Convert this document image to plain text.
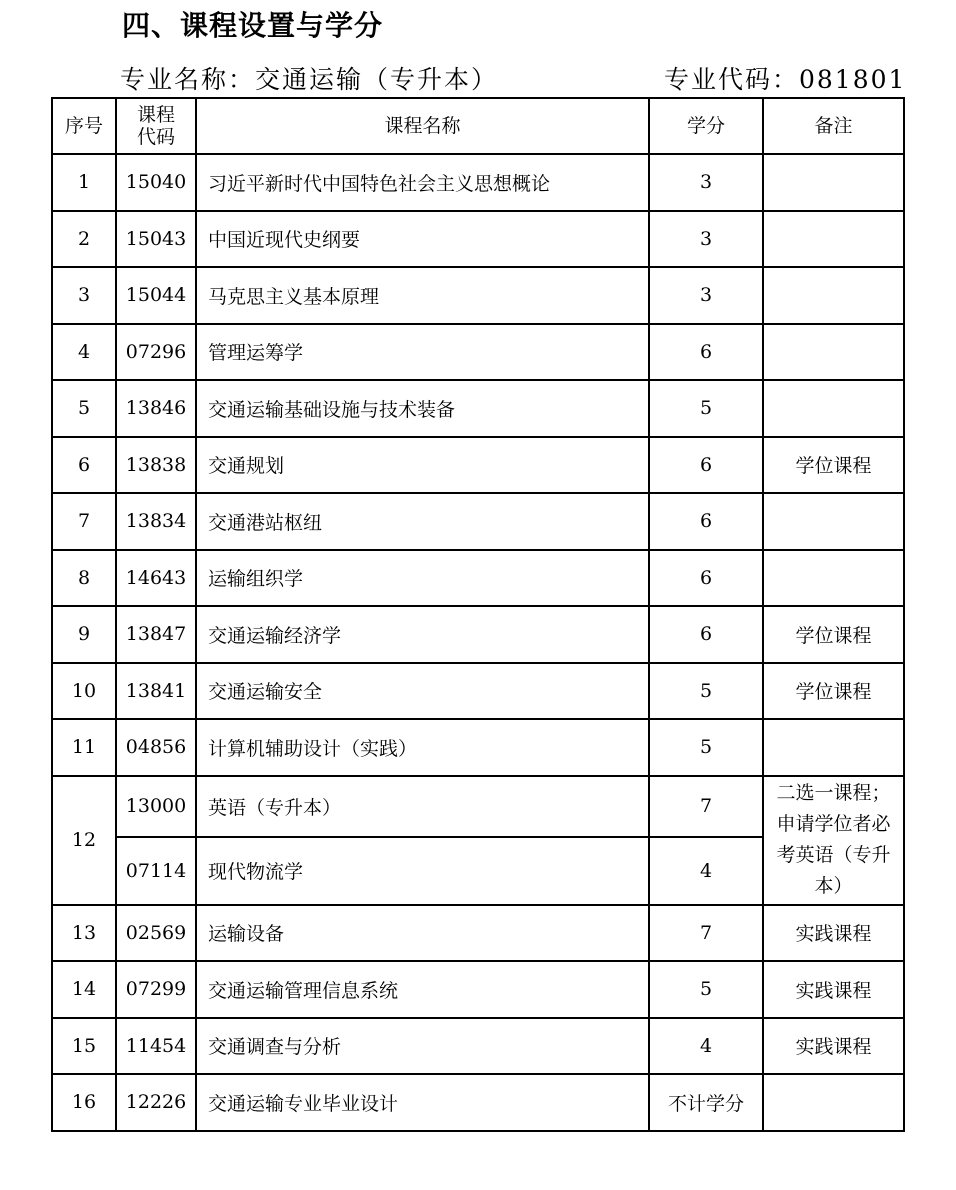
四、课程设置与学分
专业名称：交通运输（专升本）	专业代码：081801
序号	课程代码	课程名称	学分	备注
1	15040	习近平新时代中国特色社会主义思想概论	3	
2	15043	中国近现代史纲要	3	
3	15044	马克思主义基本原理	3	
4	07296	管理运筹学	6	
5	13846	交通运输基础设施与技术装备	5	
6	13838	交通规划	6	学位课程
7	13834	交通港站枢纽	6	
8	14643	运输组织学	6	
9	13847	交通运输经济学	6	学位课程
10	13841	交通运输安全	5	学位课程
11	04856	计算机辅助设计（实践）	5	
12	13000	英语（专升本）	7	二选一课程；申请学位者必考英语（专升本）
	07114	现代物流学	4	
13	02569	运输设备	7	实践课程
14	07299	交通运输管理信息系统	5	实践课程
15	11454	交通调查与分析	4	实践课程
16	12226	交通运输专业毕业设计	不计学分	
